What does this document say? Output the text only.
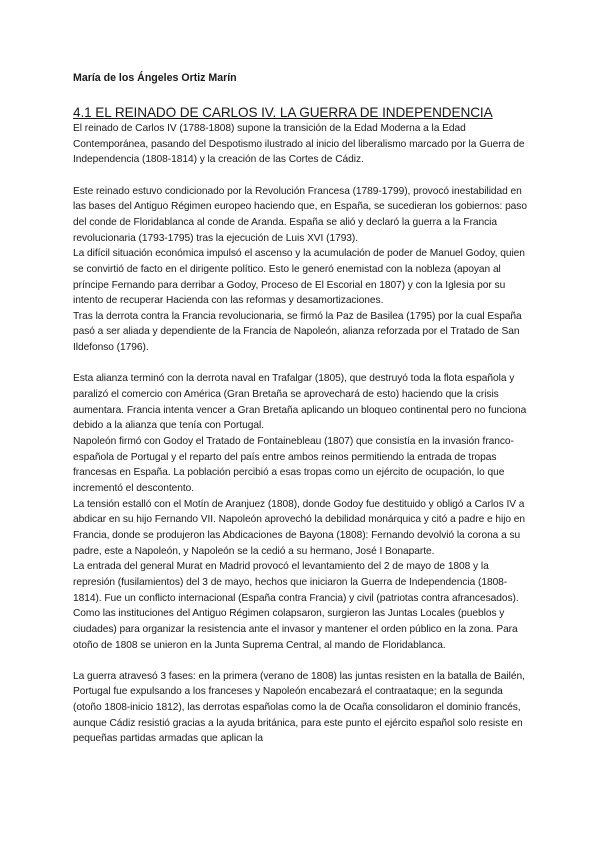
María de los Ángeles Ortiz Marín
4.1 EL REINADO DE CARLOS IV. LA GUERRA DE INDEPENDENCIA

El reinado de Carlos IV (1788-1808) supone la transición de la Edad Moderna a la Edad Contemporánea, pasando del Despotismo ilustrado al inicio del liberalismo marcado por la Guerra de Independencia (1808-1814) y la creación de las Cortes de Cádiz.

Este reinado estuvo condicionado por la Revolución Francesa (1789-1799), provocó inestabilidad en las bases del Antiguo Régimen europeo haciendo que, en España, se sucedieran los gobiernos: paso del conde de Floridablanca al conde de Aranda. España se alió y declaró la guerra a la Francia revolucionaria (1793-1795) tras la ejecución de Luis XVI (1793).

La difícil situación económica impulsó el ascenso y la acumulación de poder de Manuel Godoy, quien se convirtió de facto en el dirigente político. Esto le generó enemistad con la nobleza (apoyan al príncipe Fernando para derribar a Godoy, Proceso de El Escorial en 1807) y con la Iglesia por su intento de recuperar Hacienda con las reformas y desamortizaciones.

Tras la derrota contra la Francia revolucionaria, se firmó la Paz de Basilea (1795) por la cual España pasó a ser aliada y dependiente de la Francia de Napoleón, alianza reforzada por el Tratado de San Ildefonso (1796).

Esta alianza terminó con la derrota naval en Trafalgar (1805), que destruyó toda la flota española y paralizó el comercio con América (Gran Bretaña se aprovechará de esto) haciendo que la crisis aumentara. Francia intenta vencer a Gran Bretaña aplicando un bloqueo continental pero no funciona debido a la alianza que tenía con Portugal.

Napoleón firmó con Godoy el Tratado de Fontainebleau (1807) que consistía en la invasión franco-española de Portugal y el reparto del país entre ambos reinos permitiendo la entrada de tropas francesas en España. La población percibió a esas tropas como un ejército de ocupación, lo que incrementó el descontento.

La tensión estalló con el Motín de Aranjuez (1808), donde Godoy fue destituido y obligó a Carlos IV a abdicar en su hijo Fernando VII. Napoleón aprovechó la debilidad monárquica y citó a padre e hijo en Francia, donde se produjeron las Abdicaciones de Bayona (1808): Fernando devolvió la corona a su padre, este a Napoleón, y Napoleón se la cedió a su hermano, José I Bonaparte.

La entrada del general Murat en Madrid provocó el levantamiento del 2 de mayo de 1808 y la represión (fusilamientos) del 3 de mayo, hechos que iniciaron la Guerra de Independencia (1808-1814). Fue un conflicto internacional (España contra Francia) y civil (patriotas contra afrancesados). Como las instituciones del Antiguo Régimen colapsaron, surgieron las Juntas Locales (pueblos y ciudades) para organizar la resistencia ante el invasor y mantener el orden público en la zona. Para otoño de 1808 se unieron en la Junta Suprema Central, al mando de Floridablanca.

La guerra atravesó 3 fases: en la primera (verano de 1808) las juntas resisten en la batalla de Bailén, Portugal fue expulsando a los franceses y Napoleón encabezará el contraataque; en la segunda (otoño 1808-inicio 1812), las derrotas españolas como la de Ocaña consolidaron el dominio francés, aunque Cádiz resistió gracias a la ayuda británica, para este punto el ejército español solo resiste en pequeñas partidas armadas que aplican la
